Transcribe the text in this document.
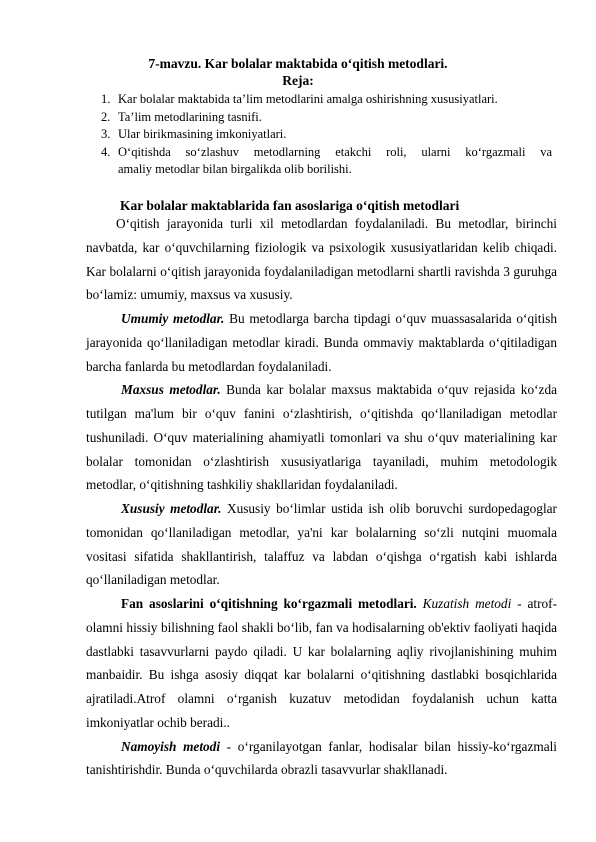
7-mavzu. Kar bolalar maktabida o‘qitish metodlari.
Reja:
1. Kar bolalar maktabida ta’lim metodlarini amalga oshirishning xususiyatlari.
2. Ta’lim metodlarining tasnifi.
3. Ular birikmasining imkoniyatlari.
4. O‘qitishda so‘zlashuv metodlarning etakchi roli, ularni ko‘rgazmali va
amaliy metodlar bilan birgalikda olib borilishi.
Kar bolalar maktablarida fan asoslariga o‘qitish metodlari

O‘qitish jarayonida turli xil metodlardan foydalaniladi. Bu metodlar, birinchi navbatda, kar o‘quvchilarning fiziologik va psixologik xususiyatlaridan kelib chiqadi. Kar bolalarni o‘qitish jarayonida foydalaniladigan metodlarni shartli ravishda 3 guruhga bo‘lamiz: umumiy, maxsus va xususiy.

Umumiy metodlar. Bu metodlarga barcha tipdagi o‘quv muassasalarida o‘qitish jarayonida qo‘llaniladigan metodlar kiradi. Bunda ommaviy maktablarda o‘qitiladigan barcha fanlarda bu metodlardan foydalaniladi.

Maxsus metodlar. Bunda kar bolalar maxsus maktabida o‘quv rejasida ko‘zda tutilgan ma'lum bir o‘quv fanini o‘zlashtirish, o‘qitishda qo‘llaniladigan metodlar tushuniladi. O‘quv materialining ahamiyatli tomonlari va shu o‘quv materialining kar bolalar tomonidan o‘zlashtirish xususiyatlariga tayaniladi, muhim metodologik metodlar, o‘qitishning tashkiliy shakllaridan foydalaniladi.

Xususiy metodlar. Xususiy bo‘limlar ustida ish olib boruvchi surdopedagoglar tomonidan qo‘llaniladigan metodlar, ya'ni kar bolalarning so‘zli nutqini muomala vositasi sifatida shakllantirish, talaffuz va labdan o‘qishga o‘rgatish kabi ishlarda qo‘llaniladigan metodlar.

Fan asoslarini o‘qitishning ko‘rgazmali metodlari. Kuzatish metodi - atrof- olamni hissiy bilishning faol shakli bo‘lib, fan va hodisalarning ob'ektiv faoliyati haqida dastlabki tasavvurlarni paydo qiladi. U kar bolalarning aqliy rivojlanishining muhim manbaidir. Bu ishga asosiy diqqat kar bolalarni o‘qitishning dastlabki bosqichlarida ajratiladi.Atrof olamni o‘rganish kuzatuv metodidan foydalanish uchun katta imkoniyatlar ochib beradi..

Namoyish metodi - o‘rganilayotgan fanlar, hodisalar bilan hissiy-ko‘rgazmali tanishtirishdir. Bunda o‘quvchilarda obrazli tasavvurlar shakllanadi.
